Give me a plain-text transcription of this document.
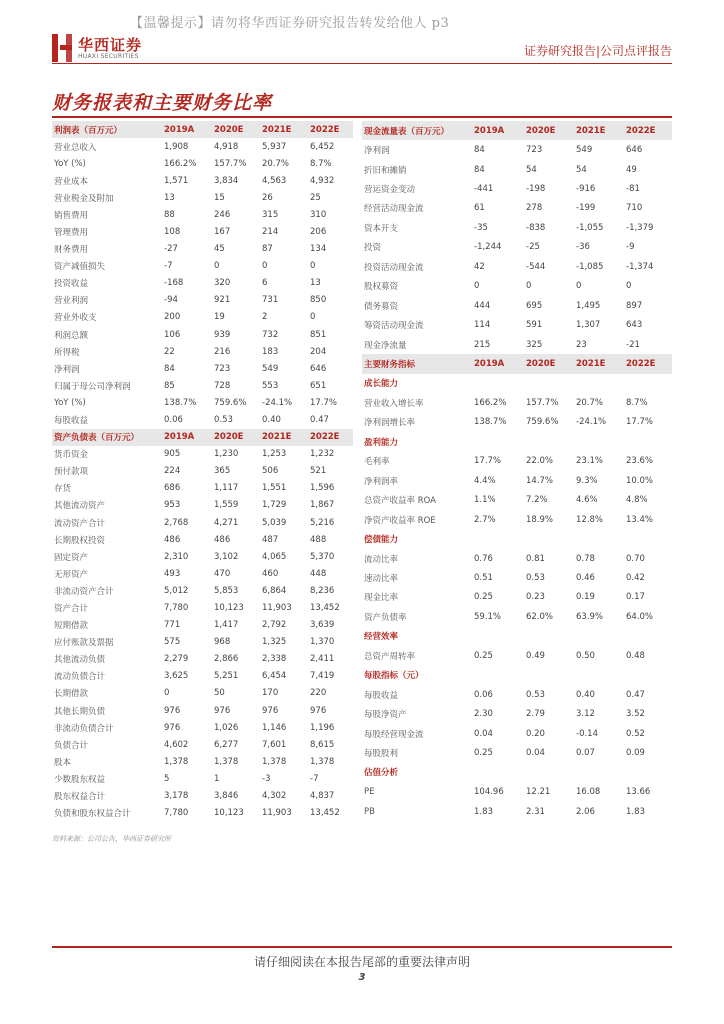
【温馨提示】请勿将华西证券研究报告转发给他人 p3
华西证券
HUAXI SECURITIES	证券研究报告|公司点评报告
财务报表和主要财务比率
利润表（百万元）	2019A	2020E	2021E	2022E
营业总收入	1,908	4,918	5,937	6,452
YoY (%)	166.2%	157.7%	20.7%	8.7%
营业成本	1,571	3,834	4,563	4,932
营业税金及附加	13	15	26	25
销售费用	88	246	315	310
管理费用	108	167	214	206
财务费用	-27	45	87	134
资产减值损失	-7	0	0	0
投资收益	-168	320	6	13
营业利润	-94	921	731	850
营业外收支	200	19	2	0
利润总额	106	939	732	851
所得税	22	216	183	204
净利润	84	723	549	646
归属于母公司净利润	85	728	553	651
YoY (%)	138.7%	759.6%	-24.1%	17.7%
每股收益	0.06	0.53	0.40	0.47
资产负债表（百万元）	2019A	2020E	2021E	2022E
货币资金	905	1,230	1,253	1,232
预付款项	224	365	506	521
存货	686	1,117	1,551	1,596
其他流动资产	953	1,559	1,729	1,867
流动资产合计	2,768	4,271	5,039	5,216
长期股权投资	486	486	487	488
固定资产	2,310	3,102	4,065	5,370
无形资产	493	470	460	448
非流动资产合计	5,012	5,853	6,864	8,236
资产合计	7,780	10,123	11,903	13,452
短期借款	771	1,417	2,792	3,639
应付账款及票据	575	968	1,325	1,370
其他流动负债	2,279	2,866	2,338	2,411
流动负债合计	3,625	5,251	6,454	7,419
长期借款	0	50	170	220
其他长期负债	976	976	976	976
非流动负债合计	976	1,026	1,146	1,196
负债合计	4,602	6,277	7,601	8,615
股本	1,378	1,378	1,378	1,378
少数股东权益	5	1	-3	-7
股东权益合计	3,178	3,846	4,302	4,837
负债和股东权益合计	7,780	10,123	11,903	13,452
现金流量表（百万元）	2019A	2020E	2021E	2022E
净利润	84	723	549	646
折旧和摊销	84	54	54	49
营运资金变动	-441	-198	-916	-81
经营活动现金流	61	278	-199	710
资本开支	-35	-838	-1,055	-1,379
投资	-1,244	-25	-36	-9
投资活动现金流	42	-544	-1,085	-1,374
股权募资	0	0	0	0
债务募资	444	695	1,495	897
筹资活动现金流	114	591	1,307	643
现金净流量	215	325	23	-21
主要财务指标	2019A	2020E	2021E	2022E
成长能力				
营业收入增长率	166.2%	157.7%	20.7%	8.7%
净利润增长率	138.7%	759.6%	-24.1%	17.7%
盈利能力				
毛利率	17.7%	22.0%	23.1%	23.6%
净利润率	4.4%	14.7%	9.3%	10.0%
总资产收益率 ROA	1.1%	7.2%	4.6%	4.8%
净资产收益率 ROE	2.7%	18.9%	12.8%	13.4%
偿债能力				
流动比率	0.76	0.81	0.78	0.70
速动比率	0.51	0.53	0.46	0.42
现金比率	0.25	0.23	0.19	0.17
资产负债率	59.1%	62.0%	63.9%	64.0%
经营效率				
总资产周转率	0.25	0.49	0.50	0.48
每股指标（元）				
每股收益	0.06	0.53	0.40	0.47
每股净资产	2.30	2.79	3.12	3.52
每股经营现金流	0.04	0.20	-0.14	0.52
每股股利	0.25	0.04	0.07	0.09
估值分析				
PE	104.96	12.21	16.08	13.66
PB	1.83	2.31	2.06	1.83
资料来源：公司公告，华西证券研究所
请仔细阅读在本报告尾部的重要法律声明
3
